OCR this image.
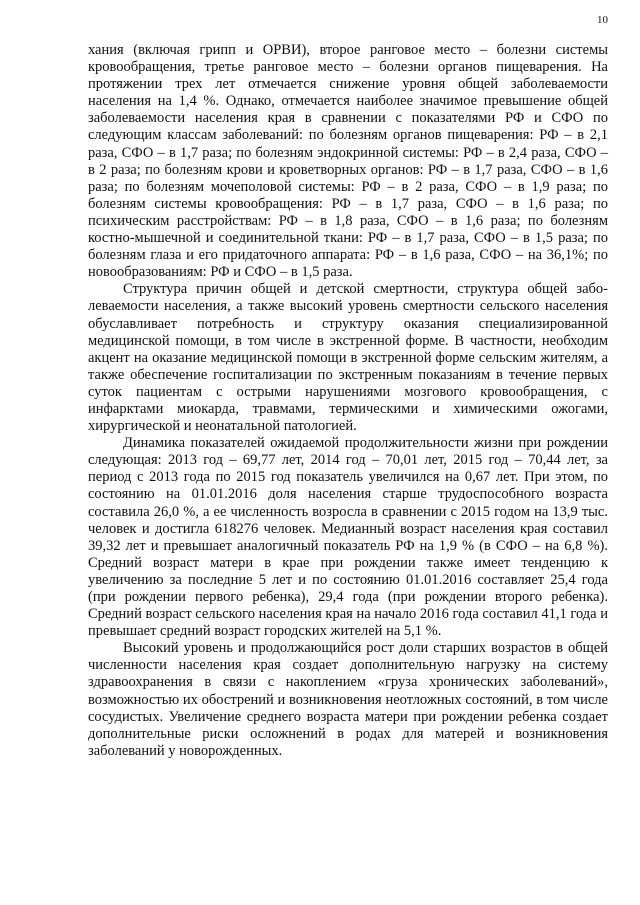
10

хания (включая грипп и ОРВИ), второе ранговое место – болезни системы кровообращения, третье ранговое место – болезни органов пищеварения. На протяжении трех лет отмечается снижение уровня общей заболеваемости населения на 1,4 %. Однако, отмечается наиболее значимое превышение общей заболеваемости населения края в сравнении с показателями РФ и СФО по следующим классам заболеваний: по болезням органов пищеварения: РФ – в 2,1 раза, СФО – в 1,7 раза; по болезням эндокринной системы: РФ – в 2,4 раза, СФО – в 2 раза; по болезням крови и кроветворных органов: РФ – в 1,7 раза, СФО – в 1,6 раза; по болезням мочеполовой системы: РФ – в 2 раза, СФО – в 1,9 раза; по болезням системы кровообращения: РФ – в 1,7 раза, СФО – в 1,6 раза; по психическим расстройствам: РФ – в 1,8 раза, СФО – в 1,6 раза; по болезням костно-мышечной и соединительной ткани: РФ – в 1,7 раза, СФО – в 1,5 раза; по болезням глаза и его придаточного аппарата: РФ – в 1,6 раза, СФО – на 36,1%; по новообразованиям: РФ и СФО – в 1,5 раза.

Структура причин общей и детской смертности, структура общей заболеваемости населения, а также высокий уровень смертности сельского населения обуславливает потребность и структуру оказания специализированной медицинской помощи, в том числе в экстренной форме. В частности, необходим акцент на оказание медицинской помощи в экстренной форме сельским жителям, а также обеспечение госпитализации по экстренным показаниям в течение первых суток пациентам с острыми нарушениями мозгового кровообращения, с инфарктами миокарда, травмами, термическими и химическими ожогами, хирургической и неонатальной патологией.

Динамика показателей ожидаемой продолжительности жизни при рождении следующая: 2013 год – 69,77 лет, 2014 год – 70,01 лет, 2015 год – 70,44 лет, за период с 2013 года по 2015 год показатель увеличился на 0,67 лет. При этом, по состоянию на 01.01.2016 доля населения старше трудоспособного возраста составила 26,0 %, а ее численность возросла в сравнении с 2015 годом на 13,9 тыс. человек и достигла 618276 человек. Медианный возраст населения края составил 39,32 лет и превышает аналогичный показатель РФ на 1,9 % (в СФО – на 6,8 %). Средний возраст матери в крае при рождении также имеет тенденцию к увеличению за последние 5 лет и по состоянию 01.01.2016 составляет 25,4 года (при рождении первого ребенка), 29,4 года (при рождении второго ребенка). Средний возраст сельского населения края на начало 2016 года составил 41,1 года и превышает средний возраст городских жителей на 5,1 %.

Высокий уровень и продолжающийся рост доли старших возрастов в общей численности населения края создает дополнительную нагрузку на систему здравоохранения в связи с накоплением «груза хронических заболеваний», возможностью их обострений и возникновения неотложных состояний, в том числе сосудистых. Увеличение среднего возраста матери при рождении ребенка создает дополнительные риски осложнений в родах для матерей и возникновения заболеваний у новорожденных.
